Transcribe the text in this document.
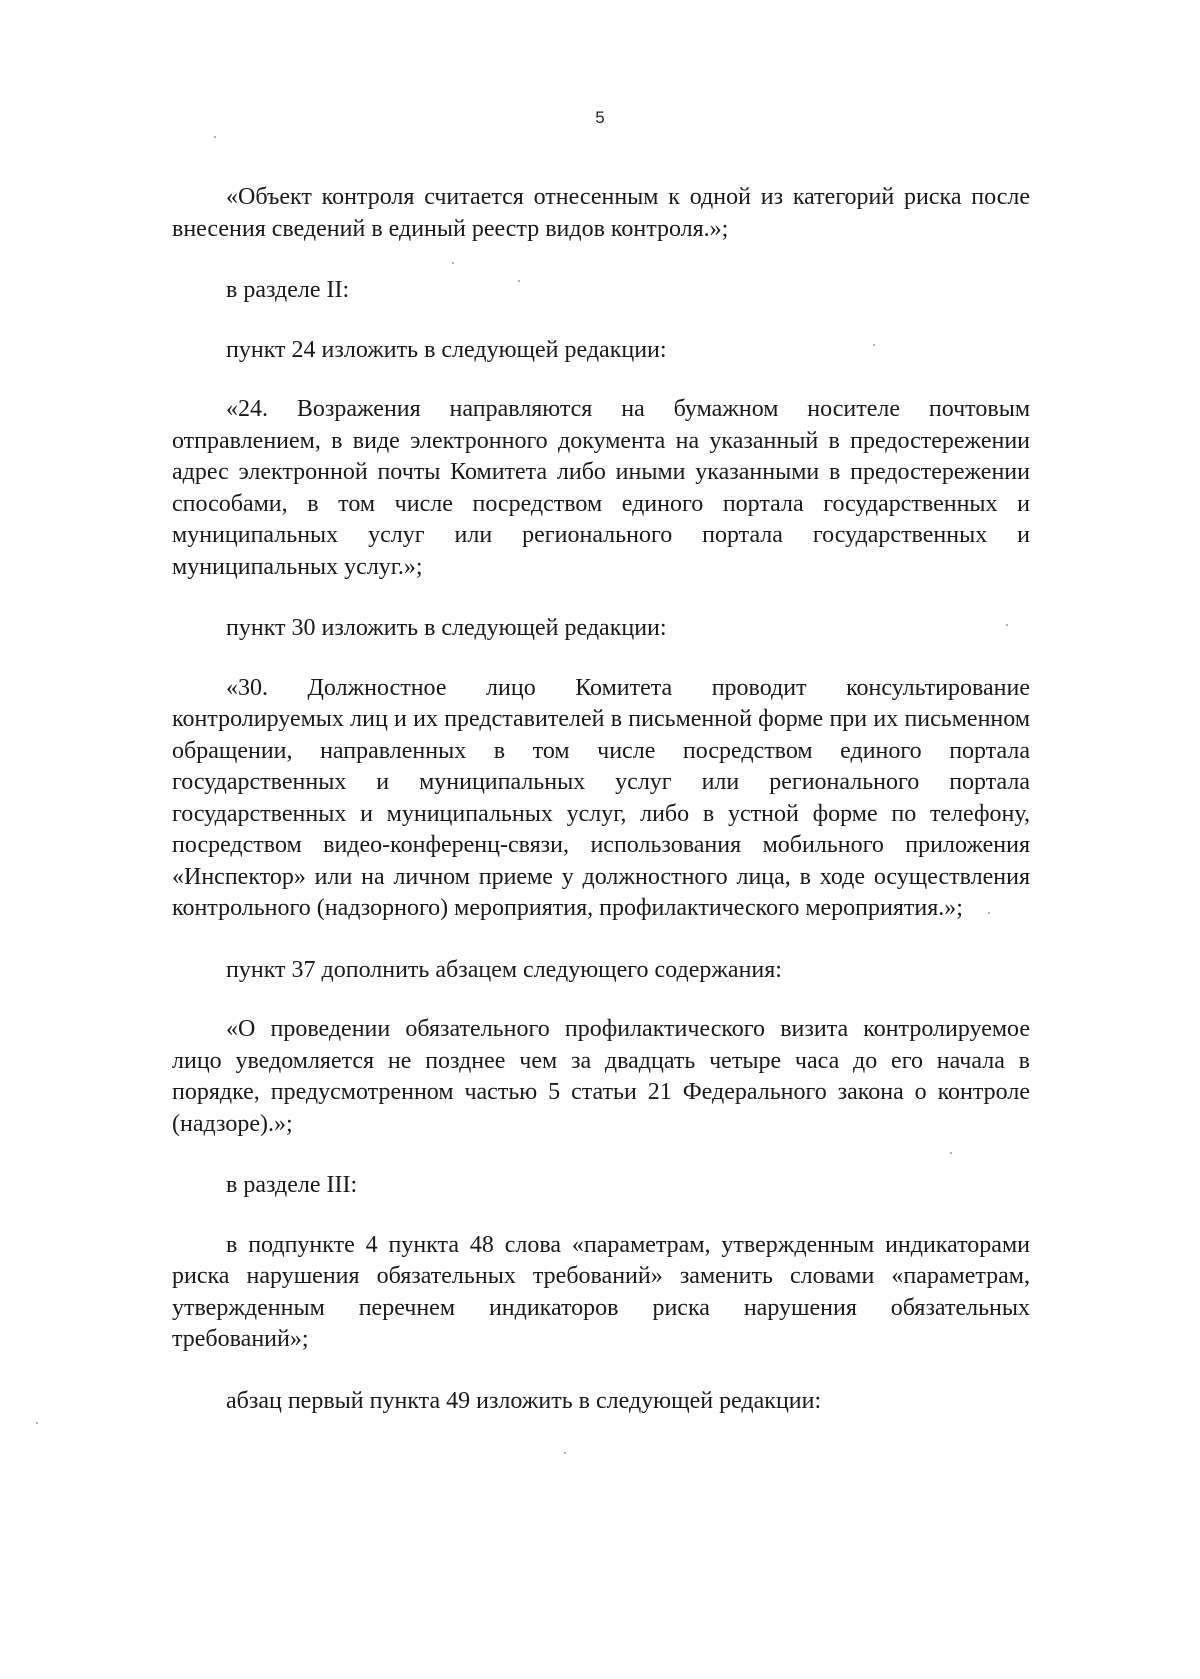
5

«Объект контроля считается отнесенным к одной из категорий риска после внесения сведений в единый реестр видов контроля.»;

в разделе II:

пункт 24 изложить в следующей редакции:

«24. Возражения направляются на бумажном носителе почтовым отправлением, в виде электронного документа на указанный в предостережении адрес электронной почты Комитета либо иными указанными в предостережении способами, в том числе посредством единого портала государственных и муниципальных услуг или регионального портала государственных и муниципальных услуг.»;

пункт 30 изложить в следующей редакции:

«30. Должностное лицо Комитета проводит консультирование контролируемых лиц и их представителей в письменной форме при их письменном обращении, направленных в том числе посредством единого портала государственных и муниципальных услуг или регионального портала государственных и муниципальных услуг, либо в устной форме по телефону, посредством видео-конференц-связи, использования мобильного приложения «Инспектор» или на личном приеме у должностного лица, в ходе осуществления контрольного (надзорного) мероприятия, профилактического мероприятия.»;

пункт 37 дополнить абзацем следующего содержания:

«О проведении обязательного профилактического визита контролируемое лицо уведомляется не позднее чем за двадцать четыре часа до его начала в порядке, предусмотренном частью 5 статьи 21 Федерального закона о контроле (надзоре).»;

в разделе III:

в подпункте 4 пункта 48 слова «параметрам, утвержденным индикаторами риска нарушения обязательных требований» заменить словами «параметрам, утвержденным перечнем индикаторов риска нарушения обязательных требований»;

абзац первый пункта 49 изложить в следующей редакции:
